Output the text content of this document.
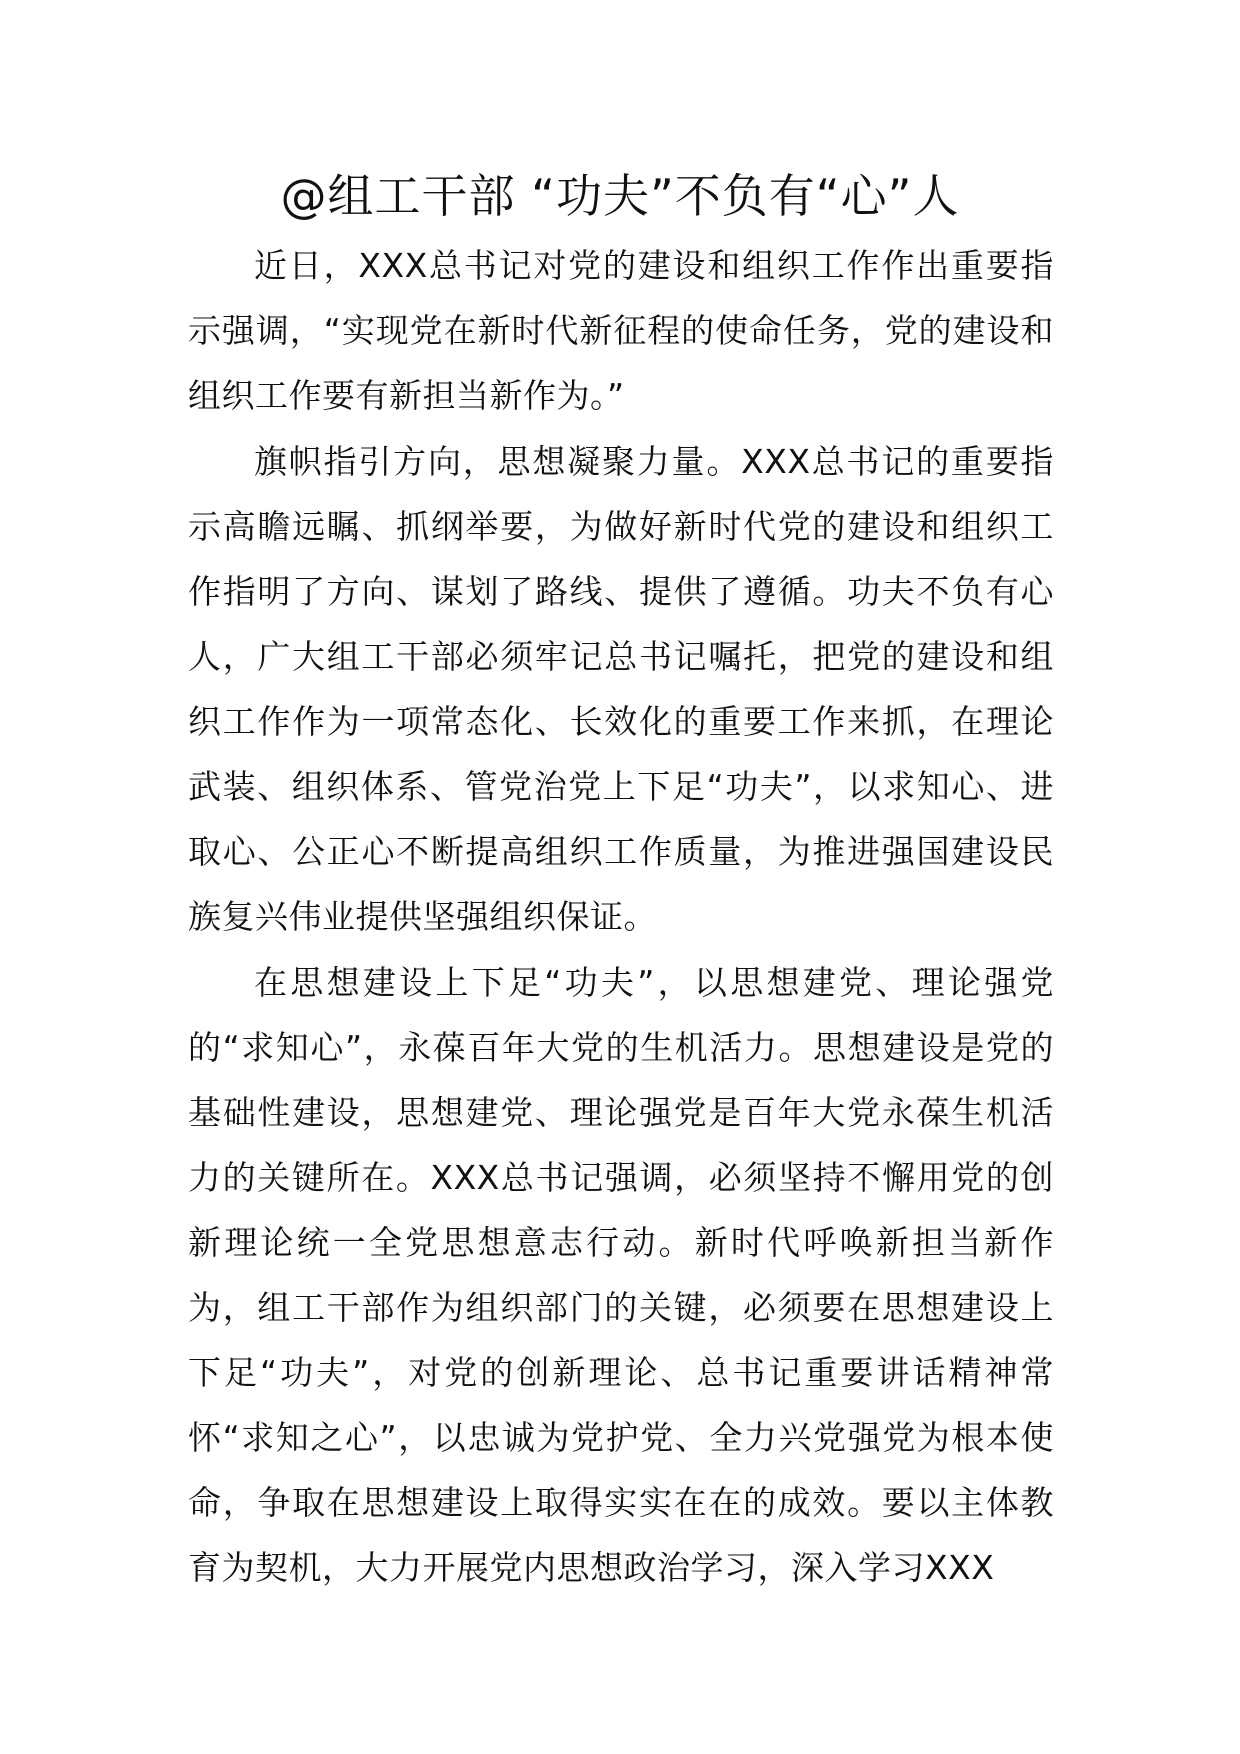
@组工干部 “功夫”不负有“心”人

近日，XXX总书记对党的建设和组织工作作出重要指示强调，“实现党在新时代新征程的使命任务，党的建设和组织工作要有新担当新作为。”

旗帜指引方向，思想凝聚力量。XXX总书记的重要指示高瞻远瞩、抓纲举要，为做好新时代党的建设和组织工作指明了方向、谋划了路线、提供了遵循。功夫不负有心人，广大组工干部必须牢记总书记嘱托，把党的建设和组织工作作为一项常态化、长效化的重要工作来抓，在理论武装、组织体系、管党治党上下足“功夫”，以求知心、进取心、公正心不断提高组织工作质量，为推进强国建设民族复兴伟业提供坚强组织保证。

在思想建设上下足“功夫”，以思想建党、理论强党的“求知心”，永葆百年大党的生机活力。思想建设是党的基础性建设，思想建党、理论强党是百年大党永葆生机活力的关键所在。XXX总书记强调，必须坚持不懈用党的创新理论统一全党思想意志行动。新时代呼唤新担当新作为，组工干部作为组织部门的关键，必须要在思想建设上下足“功夫”，对党的创新理论、总书记重要讲话精神常怀“求知之心”，以忠诚为党护党、全力兴党强党为根本使命，争取在思想建设上取得实实在在的成效。要以主体教育为契机，大力开展党内思想政治学习，深入学习XXX
